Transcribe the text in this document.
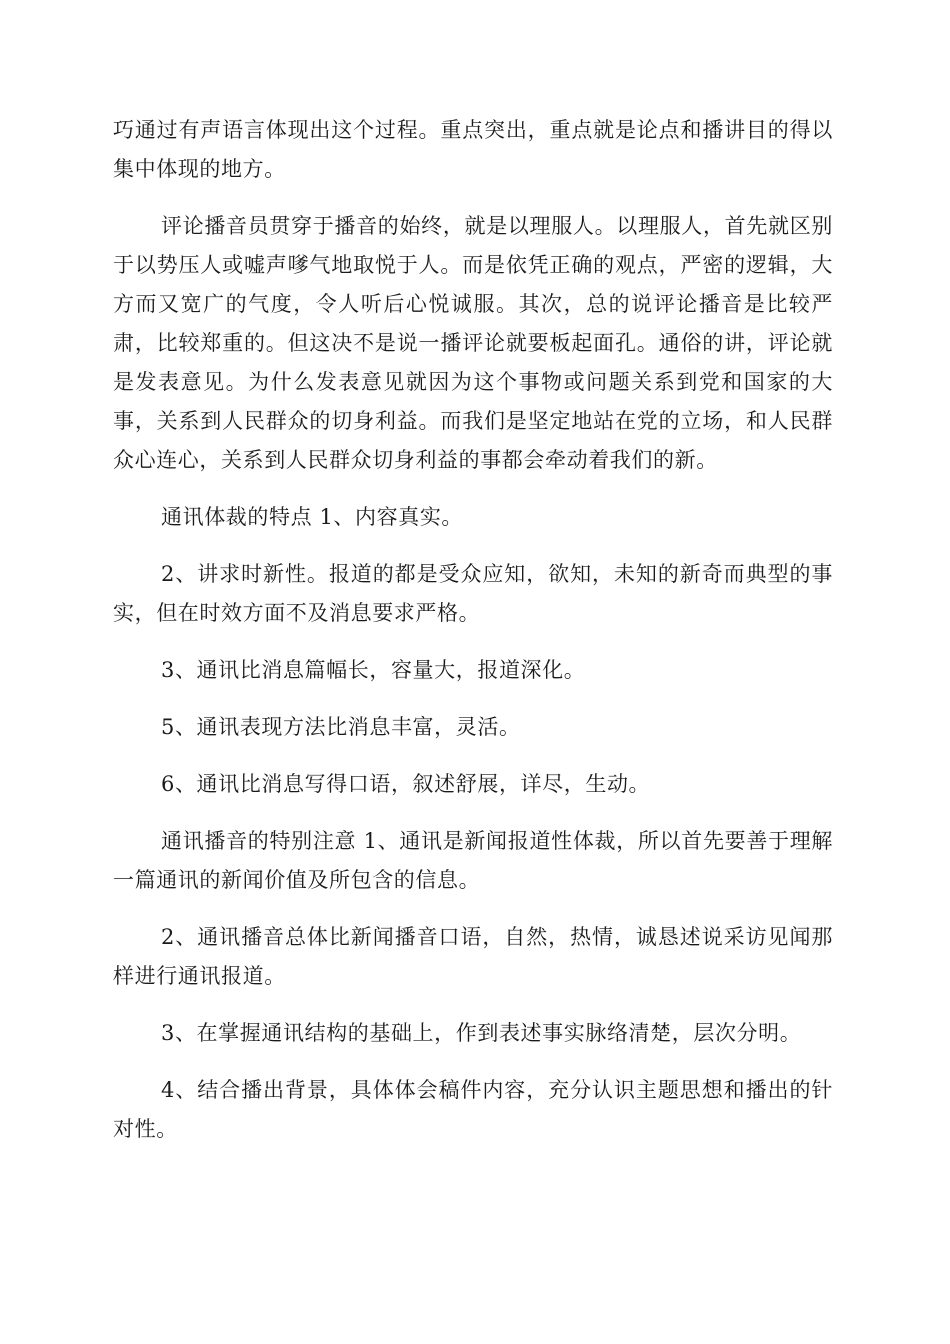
巧通过有声语言体现出这个过程。重点突出，重点就是论点和播讲目的得以集中体现的地方。

评论播音员贯穿于播音的始终，就是以理服人。以理服人，首先就区别于以势压人或嘘声嗲气地取悦于人。而是依凭正确的观点，严密的逻辑，大方而又宽广的气度，令人听后心悦诚服。其次，总的说评论播音是比较严肃，比较郑重的。但这决不是说一播评论就要板起面孔。通俗的讲，评论就是发表意见。为什么发表意见就因为这个事物或问题关系到党和国家的大事，关系到人民群众的切身利益。而我们是坚定地站在党的立场，和人民群众心连心，关系到人民群众切身利益的事都会牵动着我们的新。

通讯体裁的特点 1、内容真实。

2、讲求时新性。报道的都是受众应知，欲知，未知的新奇而典型的事实，但在时效方面不及消息要求严格。

3、通讯比消息篇幅长，容量大，报道深化。

5、通讯表现方法比消息丰富，灵活。

6、通讯比消息写得口语，叙述舒展，详尽，生动。

通讯播音的特别注意 1、通讯是新闻报道性体裁，所以首先要善于理解一篇通讯的新闻价值及所包含的信息。

2、通讯播音总体比新闻播音口语，自然，热情，诚恳述说采访见闻那样进行通讯报道。

3、在掌握通讯结构的基础上，作到表述事实脉络清楚，层次分明。

4、结合播出背景，具体体会稿件内容，充分认识主题思想和播出的针对性。
